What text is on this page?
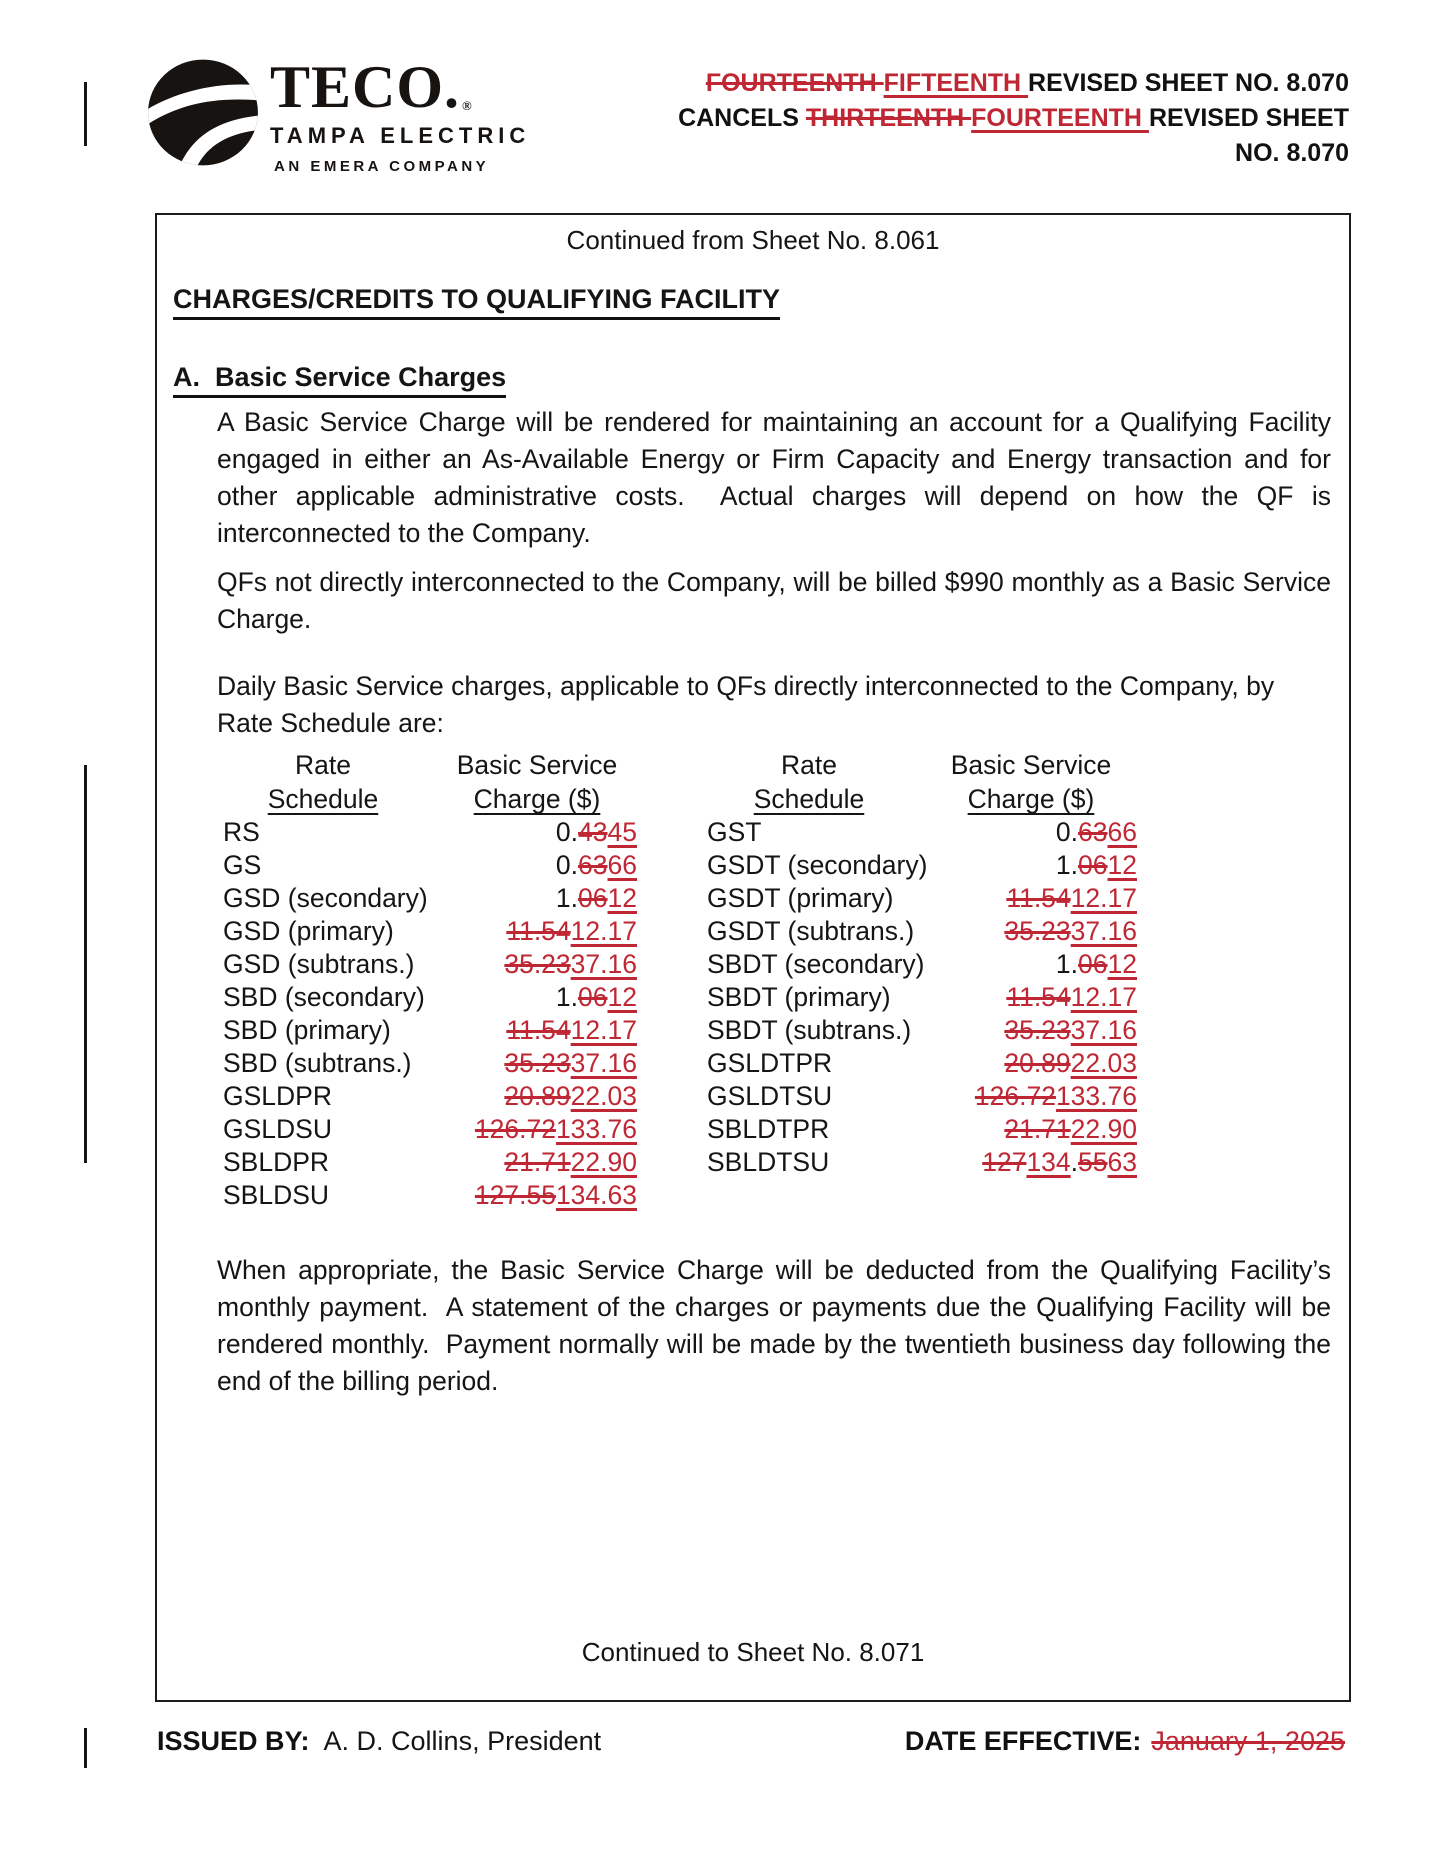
TECO. ®
TAMPA ELECTRIC
AN EMERA COMPANY
FOURTEENTH FIFTEENTH REVISED SHEET NO. 8.070
CANCELS THIRTEENTH FOURTEENTH REVISED SHEET
NO. 8.070
Continued from Sheet No. 8.061
CHARGES/CREDITS TO QUALIFYING FACILITY
A.  Basic Service Charges
A Basic Service Charge will be rendered for maintaining an account for a Qualifying Facility engaged in either an As-Available Energy or Firm Capacity and Energy transaction and for other applicable administrative costs.  Actual charges will depend on how the QF is interconnected to the Company.
QFs not directly interconnected to the Company, will be billed $990 monthly as a Basic Service Charge.
Daily Basic Service charges, applicable to QFs directly interconnected to the Company, by Rate Schedule are:
Rate	Basic Service	Rate	Basic Service
Schedule	Charge ($)	Schedule	Charge ($)
RS	0.4345	GST	0.6366
GS	0.6366	GSDT (secondary)	1.0612
GSD (secondary)	1.0612	GSDT (primary)	11.5412.17
GSD (primary)	11.5412.17	GSDT (subtrans.)	35.2337.16
GSD (subtrans.)	35.2337.16	SBDT (secondary)	1.0612
SBD (secondary)	1.0612	SBDT (primary)	11.5412.17
SBD (primary)	11.5412.17	SBDT (subtrans.)	35.2337.16
SBD (subtrans.)	35.2337.16	GSLDTPR	20.8922.03
GSLDPR	20.8922.03	GSLDTSU	126.72133.76
GSLDSU	126.72133.76	SBLDTPR	21.7122.90
SBLDPR	21.7122.90	SBLDTSU	127134.5563
SBLDSU	127.55134.63
When appropriate, the Basic Service Charge will be deducted from the Qualifying Facility’s monthly payment.  A statement of the charges or payments due the Qualifying Facility will be rendered monthly.  Payment normally will be made by the twentieth business day following the end of the billing period.
Continued to Sheet No. 8.071
ISSUED BY: A. D. Collins, President	DATE EFFECTIVE: January 1, 2025
